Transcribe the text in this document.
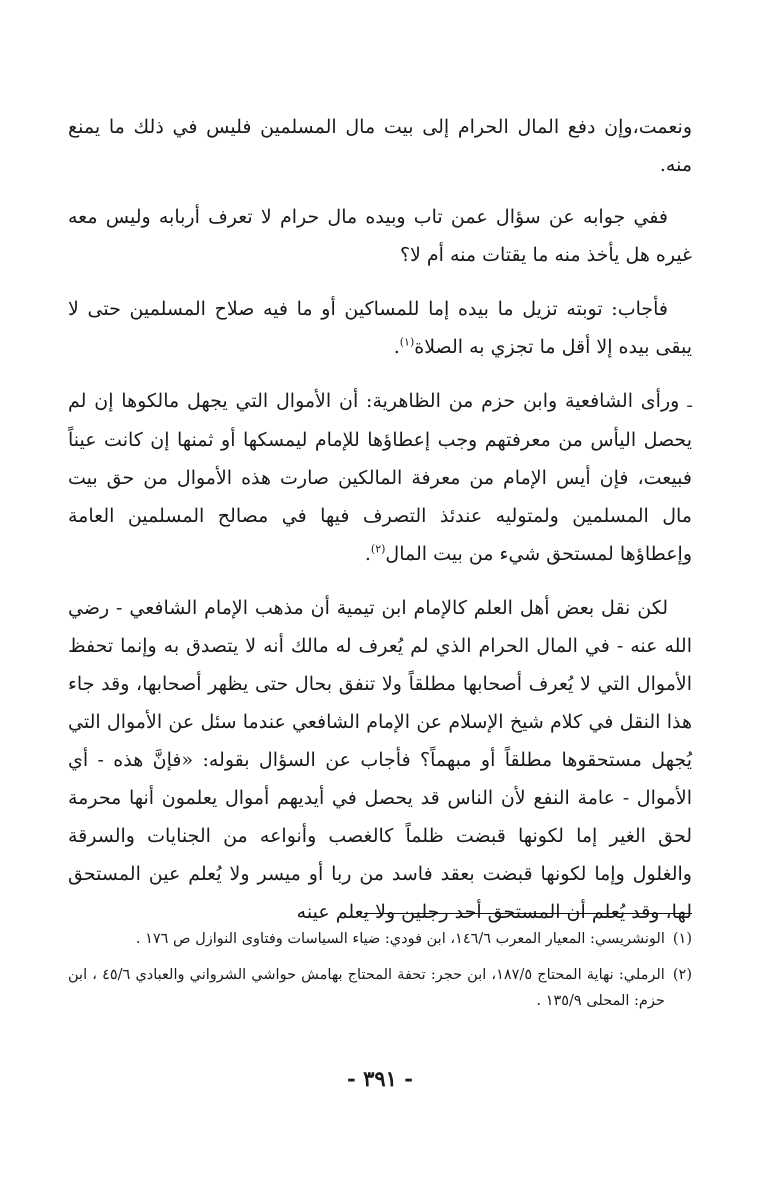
ونعمت،وإن دفع المال الحرام إلى بيت مال المسلمين فليس في ذلك ما يمنع منه.

ففي جوابه عن سؤال عمن تاب وبيده مال حرام لا تعرف أربابه وليس معه غيره هل يأخذ منه ما يقتات منه أم لا؟

فأجاب: توبته تزيل ما بيده إما للمساكين أو ما فيه صلاح المسلمين حتى لا يبقى بيده إلا أقل ما تجزي به الصلاة$^{(١)}$.

ـورأى الشافعية وابن حزم من الظاهرية: أن الأموال التي يجهل مالكوها إن لم يحصل اليأس من معرفتهم وجب إعطاؤها للإمام ليمسكها أو ثمنها إن كانت عيناً فبيعت، فإن أيس الإمام من معرفة المالكين صارت هذه الأموال من حق بيت مال المسلمين ولمتوليه عندئذ التصرف فيها في مصالح المسلمين العامة وإعطاؤها لمستحق شيء من بيت المال$^{(٢)}$.

لكن نقل بعض أهل العلم كالإمام ابن تيمية أن مذهب الإمام الشافعي - رضي الله عنه - في المال الحرام الذي لم يُعرف له مالك أنه لا يتصدق به وإنما تحفظ الأموال التي لا يُعرف أصحابها مطلقاً ولا تنفق بحال حتى يظهر أصحابها، وقد جاء هذا النقل في كلام شيخ الإسلام عن الإمام الشافعي عندما سئل عن الأموال التي يُجهل مستحقوها مطلقاً أو مبهماً؟ فأجاب عن السؤال بقوله: «فإنَّ هذه - أي الأموال - عامة النفع لأن الناس قد يحصل في أيديهم أموال يعلمون أنها محرمة لحق الغير إما لكونها قبضت ظلماً كالغصب وأنواعه من الجنايات والسرقة والغلول وإما لكونها قبضت بعقد فاسد من ربا أو ميسر ولا يُعلم عين المستحق لها، وقد يُعلم أن المستحق أحد رجلين ولا يعلم عينه

(١)
الونشريسي: المعيار المعرب ١٤٦/٦، ابن فودي: ضياء السياسات وفتاوى النوازل ص ١٧٦ .
(٢)
الرملي: نهاية المحتاج ١٨٧/٥، ابن حجر: تحفة المحتاج بهامش حواشي الشرواني والعبادي ٤٥/٦ ، ابن حزم: المحلى ١٣٥/٩ .
- ٣٩١ -
